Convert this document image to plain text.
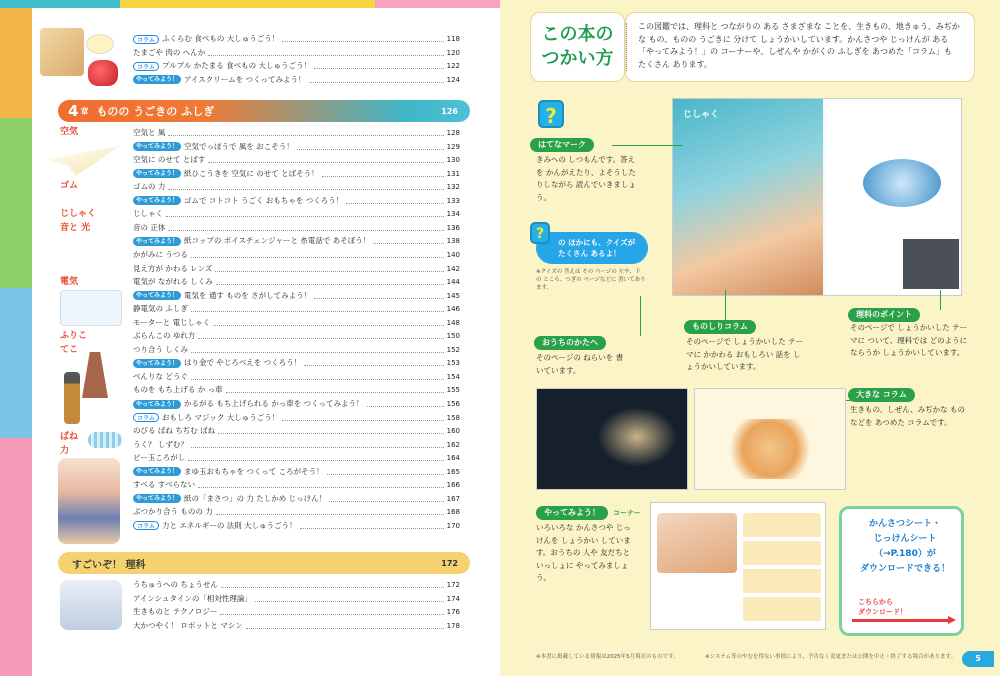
4 章 ものの うごきの ふしぎ	126
すごいぞ！ 理科	172
コラム ふくらむ 食べもの 大しゅうごう！	118
たまごや 肉の へんか	120
コラム プルプル かたまる 食べもの 大しゅうごう！	122
やってみよう！ アイスクリームを つくってみよう！	124
空気と 風	128
やってみよう！ 空気でっぽうで 風を おこそう！	129
空気に のせて とばす	130
やってみよう！ 紙ひこうきを 空気に のせて とばそう！	131
ゴムの 力	132
やってみよう！ ゴムで コトコト うごく おもちゃを つくろう！	133
じしゃく	134
音の 正体	136
やってみよう！ 紙コップの ボイスチェンジャーと 糸電話で あそぼう！	138
かがみに うつる	140
見え方が かわる レンズ	142
電気が ながれる しくみ	144
やってみよう！ 電気を 通す ものを さがしてみよう！	145
静電気の ふしぎ	146
モーターと 電じしゃく	148
ぶらんこの ゆれ方	150
つり合う しくみ	152
やってみよう！ はり金で やじろべえを つくろう！	153
べんりな どうぐ	154
ものを もち上げる か っ車	155
やってみよう！ かるがる もち上げられる かっ車を つくってみよう！	156
コラム おもしろ マジック 大しゅうごう！	158
のびる ばね ちぢむ ばね	160
うく？ しずむ？	162
ビー玉ころがし	164
やってみよう！ まゆ玉おもちゃを つくって ころがそう！	165
すべる すべらない	166
やってみよう！ 紙の「まさつ」の 力 たしかめ じっけん！	167
ぶつかり合う ものの 力	168
コラム 力と エネルギーの 法則 大しゅうごう！	170
うちゅうへの ちょうせん	172
アインシュタインの「相対性理論」	174
生きものと テクノロジー	176
大かつやく！ ロボットと マシン	178
空気
ゴム
じしゃく
音と 光
電気
ふりこ
てこ
ばね
力
この本の
つかい方
この図鑑では、理科と つながりの ある さまざまな ことを、生きもの、地きゅう、みぢかな もの、ものの うごきに 分けて しょうかいしています。かんさつや じっけんが ある「やってみよう！」の コーナーや、しぜんや かがくの ふしぎを あつめた「コラム」も たくさん あります。
?
はてなマーク
きみへの しつもんです。答えを かんがえたり、よそうしたりしながら 読んでいきましょう。
の ほかにも、クイズが たくさん あるよ！
?
※クイズの 答えは その ページの 左や、下の ところ、つぎの ページなどに 書いてあります。
じしゃく
おうちのかたへ
そのページの ねらいを 書いています。
ものしりコラム
そのページで しょうかいした テーマに かかわる おもしろい 話を しょうかいしています。
理科のポイント
そのページで しょうかいした テーマに ついて、理科では どのように ならうか しょうかいしています。
大きな コラム
生きもの、しぜん、みぢかな ものなどを あつめた コラムです。
やってみよう！	コーナー
いろいろな かんさつや じっけんを しょうかい しています。おうちの 人や 友だちと いっしょに やってみましょう。
かんさつシート・
じっけんシート
（→P.180）が
ダウンロードできる！
こちらから
ダウンロード！
※本書に掲載している情報は2025年5月現在のものです。	※システム等のやむを得ない事情により、予告なく変更または公開を中止・終了する場合があります。	5
